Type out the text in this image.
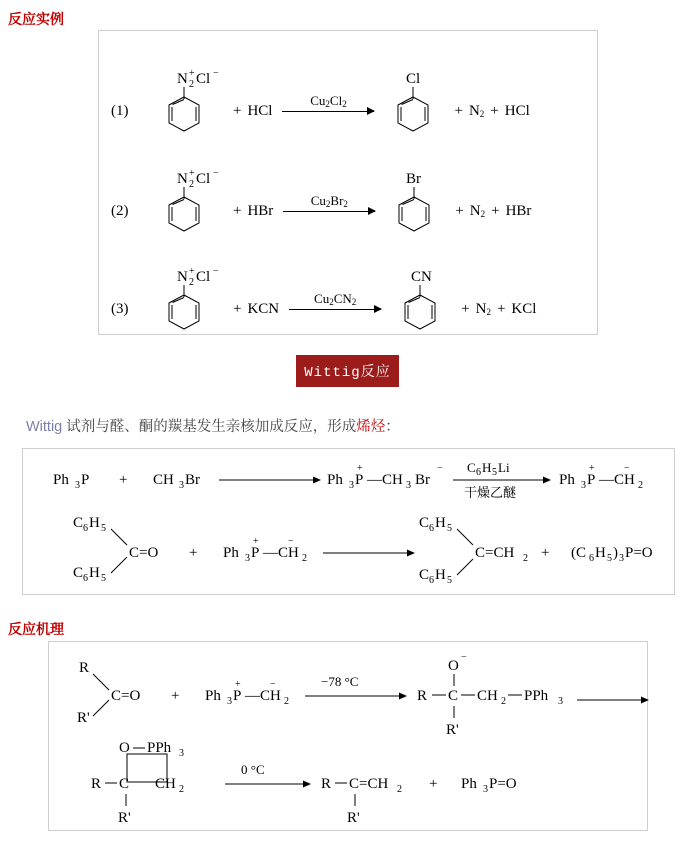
反应实例
反应机理
(1)
N 2
+ Cl −
+ HCl
$Cu_2Cl_2$
Cl
+ $N_2$ + HCl
(2)
N 2
+ Cl −
+ HBr
$Cu_2Br_2$
Br
+ $N_2$ + HBr
(3)
N 2
+ Cl −
+ KCN
$Cu_2CN_2$
CN
+ $N_2$ + KCl
Wittig反应
Wittig 试剂与醛、酮的羰基发生亲核加成反应，形成烯烃：
Ph 3 P + CH 3 Br	Ph 3 P
+
—CH 3 Br
− C 6 H 5 Li
干燥乙醚
Ph 3 P
+
—CH 2
−
C 6 H 5
C 6 H 5
C=O + Ph 3 P
+
—CH 2
−
C 6 H 5
C 6 H 5
C=CH 2 + (C 6 H 5 ) 3 P=O
R
R'
C=O + Ph 3 P
+
—CH 2
−	−78 °C
R C CH 2 PPh 3
O
−
R'
O PPh 3
CH 2
R C
R'
0 °C
R C=CH 2
R'
+ Ph 3 P=O
